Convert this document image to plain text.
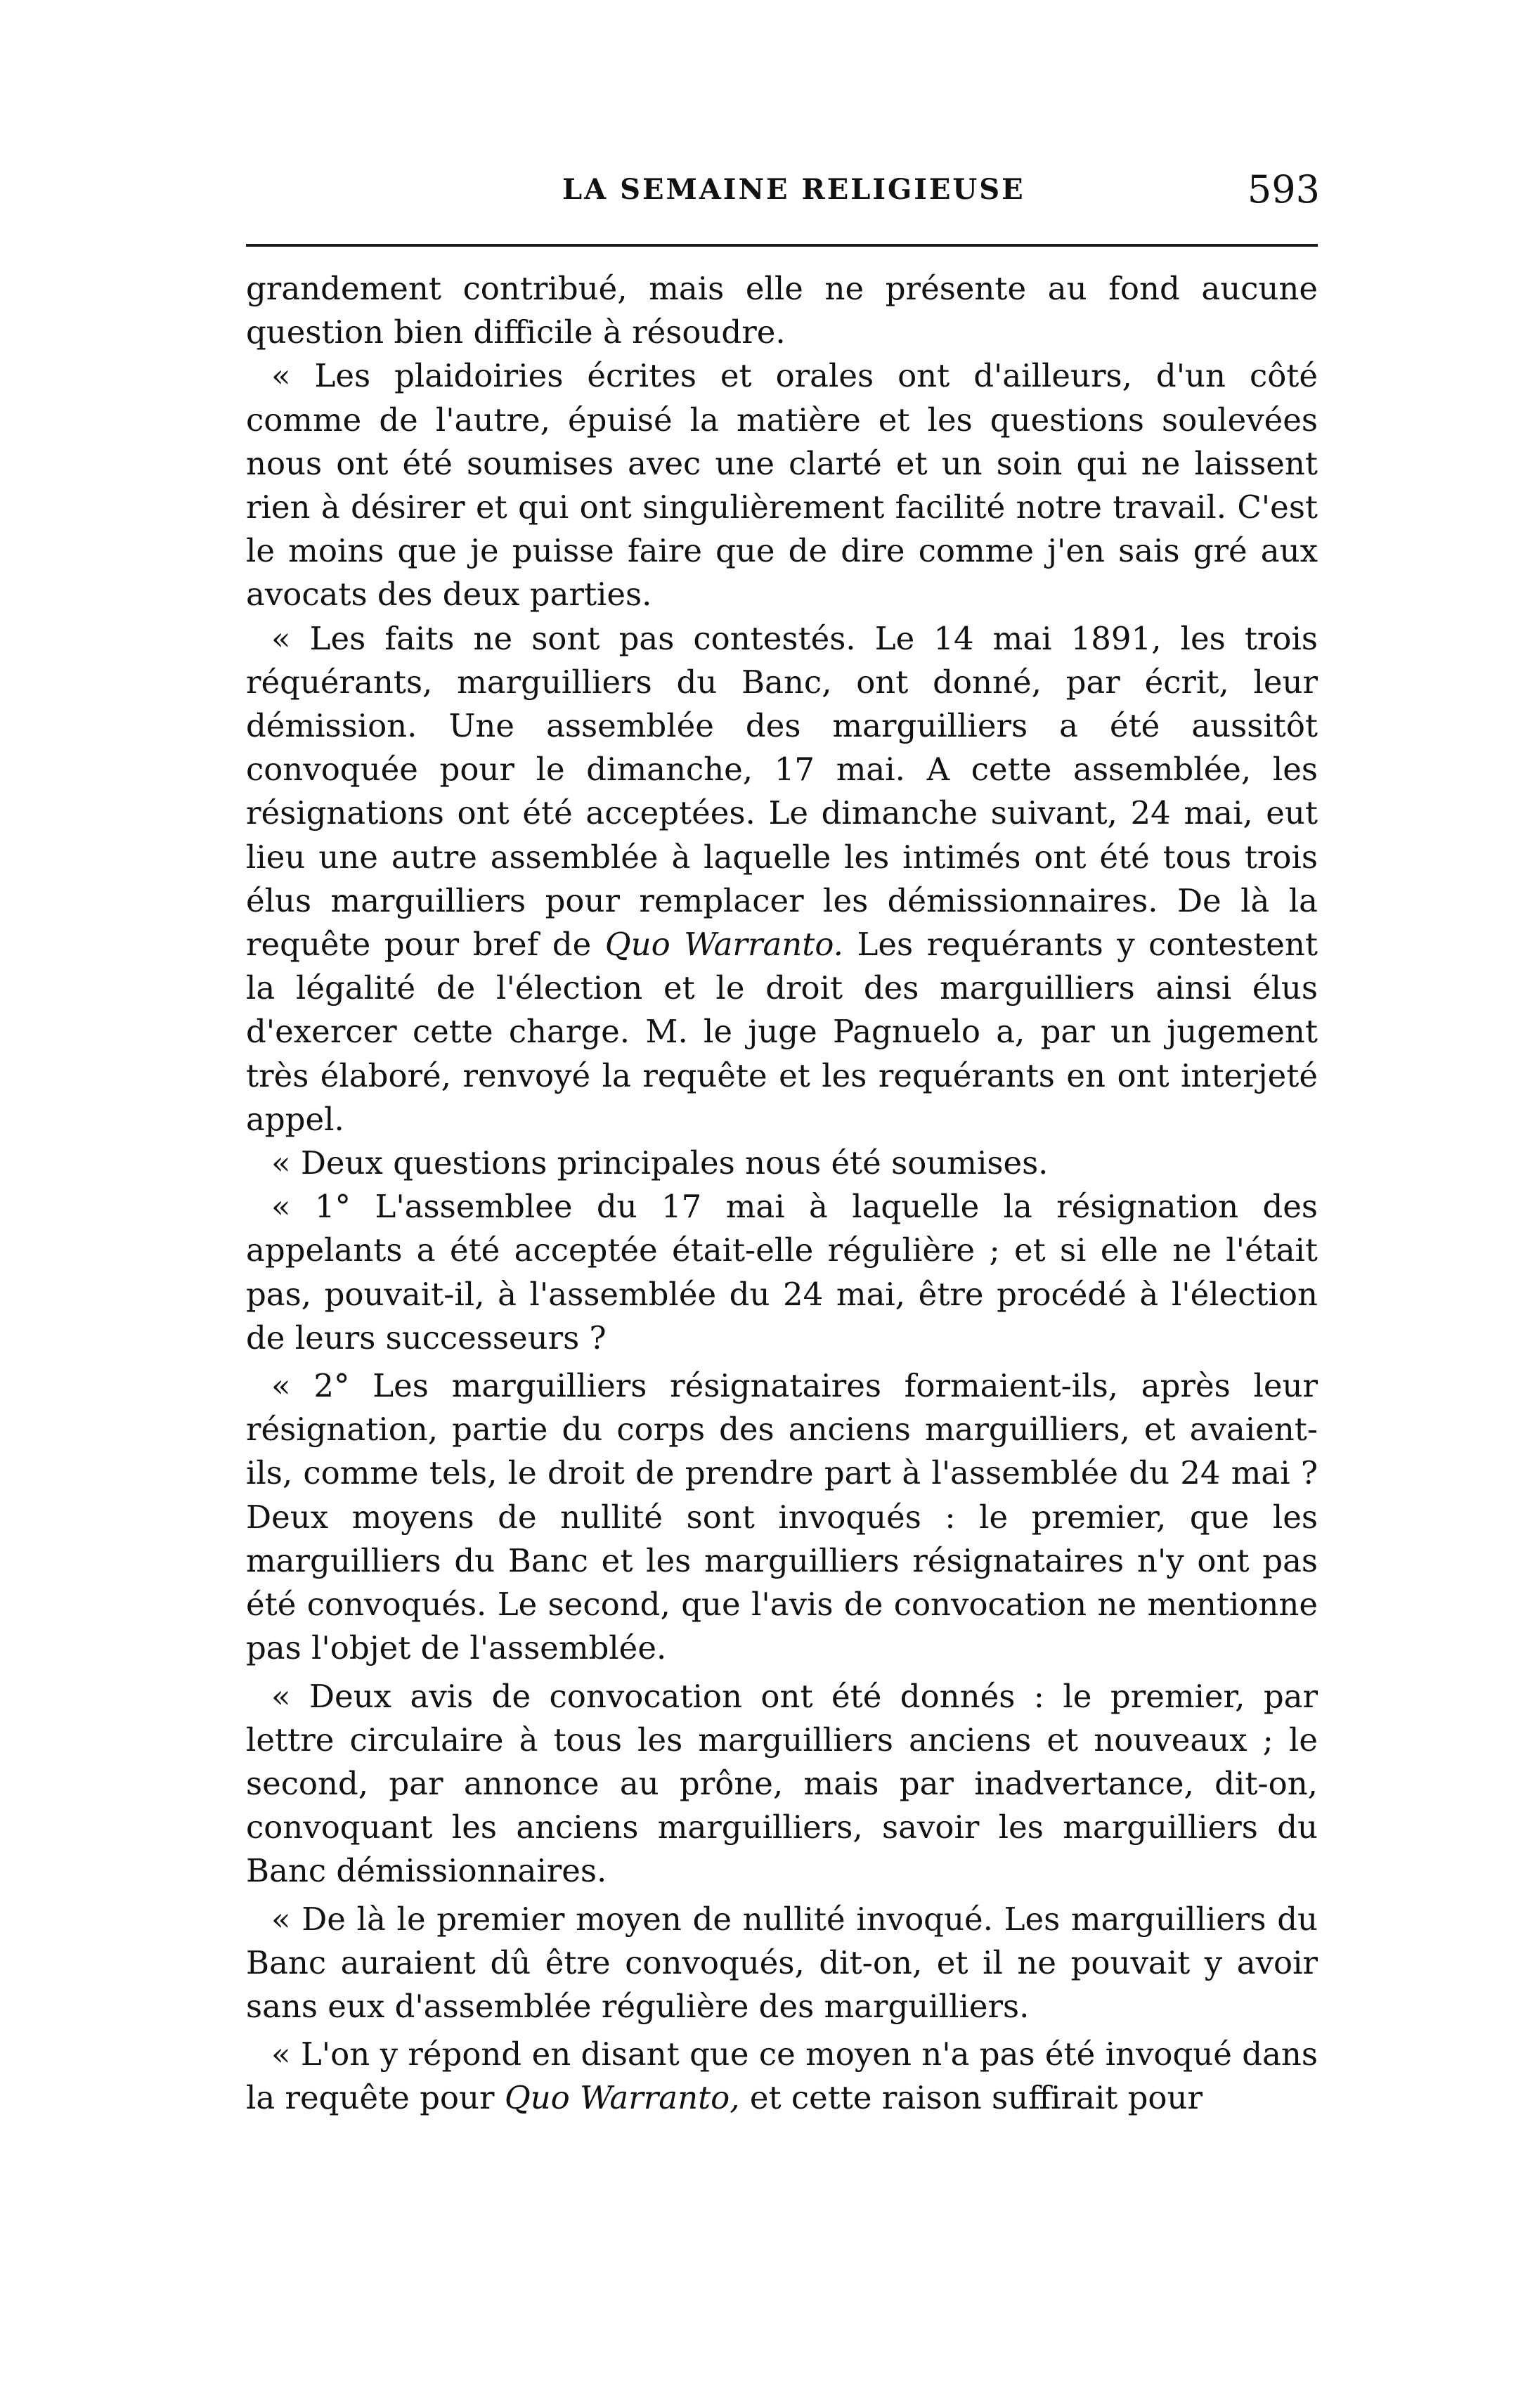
LA SEMAINE RELIGIEUSE	593

grandement contribué, mais elle ne présente au fond aucune question bien difficile à résoudre.

« Les plaidoiries écrites et orales ont d'ailleurs, d'un côté comme de l'autre, épuisé la matière et les questions soulevées nous ont été soumises avec une clarté et un soin qui ne laissent rien à désirer et qui ont singulièrement facilité notre travail. C'est le moins que je puisse faire que de dire comme j'en sais gré aux avocats des deux parties.

« Les faits ne sont pas contestés. Le 14 mai 1891, les trois réquérants, marguilliers du Banc, ont donné, par écrit, leur démission. Une assemblée des marguilliers a été aussitôt convoquée pour le dimanche, 17 mai. A cette assemblée, les résignations ont été acceptées. Le dimanche suivant, 24 mai, eut lieu une autre assemblée à laquelle les intimés ont été tous trois élus marguilliers pour remplacer les démissionnaires. De là la requête pour bref de Quo Warranto. Les requérants y contestent la légalité de l'élection et le droit des marguilliers ainsi élus d'exercer cette charge. M. le juge Pagnuelo a, par un jugement très élaboré, renvoyé la requête et les requérants en ont interjeté appel.

« Deux questions principales nous été soumises.

« 1° L'assemblee du 17 mai à laquelle la résignation des appelants a été acceptée était-elle régulière ; et si elle ne l'était pas, pouvait-il, à l'assemblée du 24 mai, être procédé à l'élection de leurs successeurs ?

« 2° Les marguilliers résignataires formaient-ils, après leur résignation, partie du corps des anciens marguilliers, et avaient-ils, comme tels, le droit de prendre part à l'assemblée du 24 mai ? Deux moyens de nullité sont invoqués : le premier, que les marguilliers du Banc et les marguilliers résignataires n'y ont pas été convoqués. Le second, que l'avis de convocation ne mentionne pas l'objet de l'assemblée.

« Deux avis de convocation ont été donnés : le premier, par lettre circulaire à tous les marguilliers anciens et nouveaux ; le second, par annonce au prône, mais par inadvertance, dit-on, convoquant les anciens marguilliers, savoir les marguilliers du Banc démissionnaires.

« De là le premier moyen de nullité invoqué. Les marguilliers du Banc auraient dû être convoqués, dit-on, et il ne pouvait y avoir sans eux d'assemblée régulière des marguilliers.

« L'on y répond en disant que ce moyen n'a pas été invoqué dans la requête pour Quo Warranto, et cette raison suffirait pour
